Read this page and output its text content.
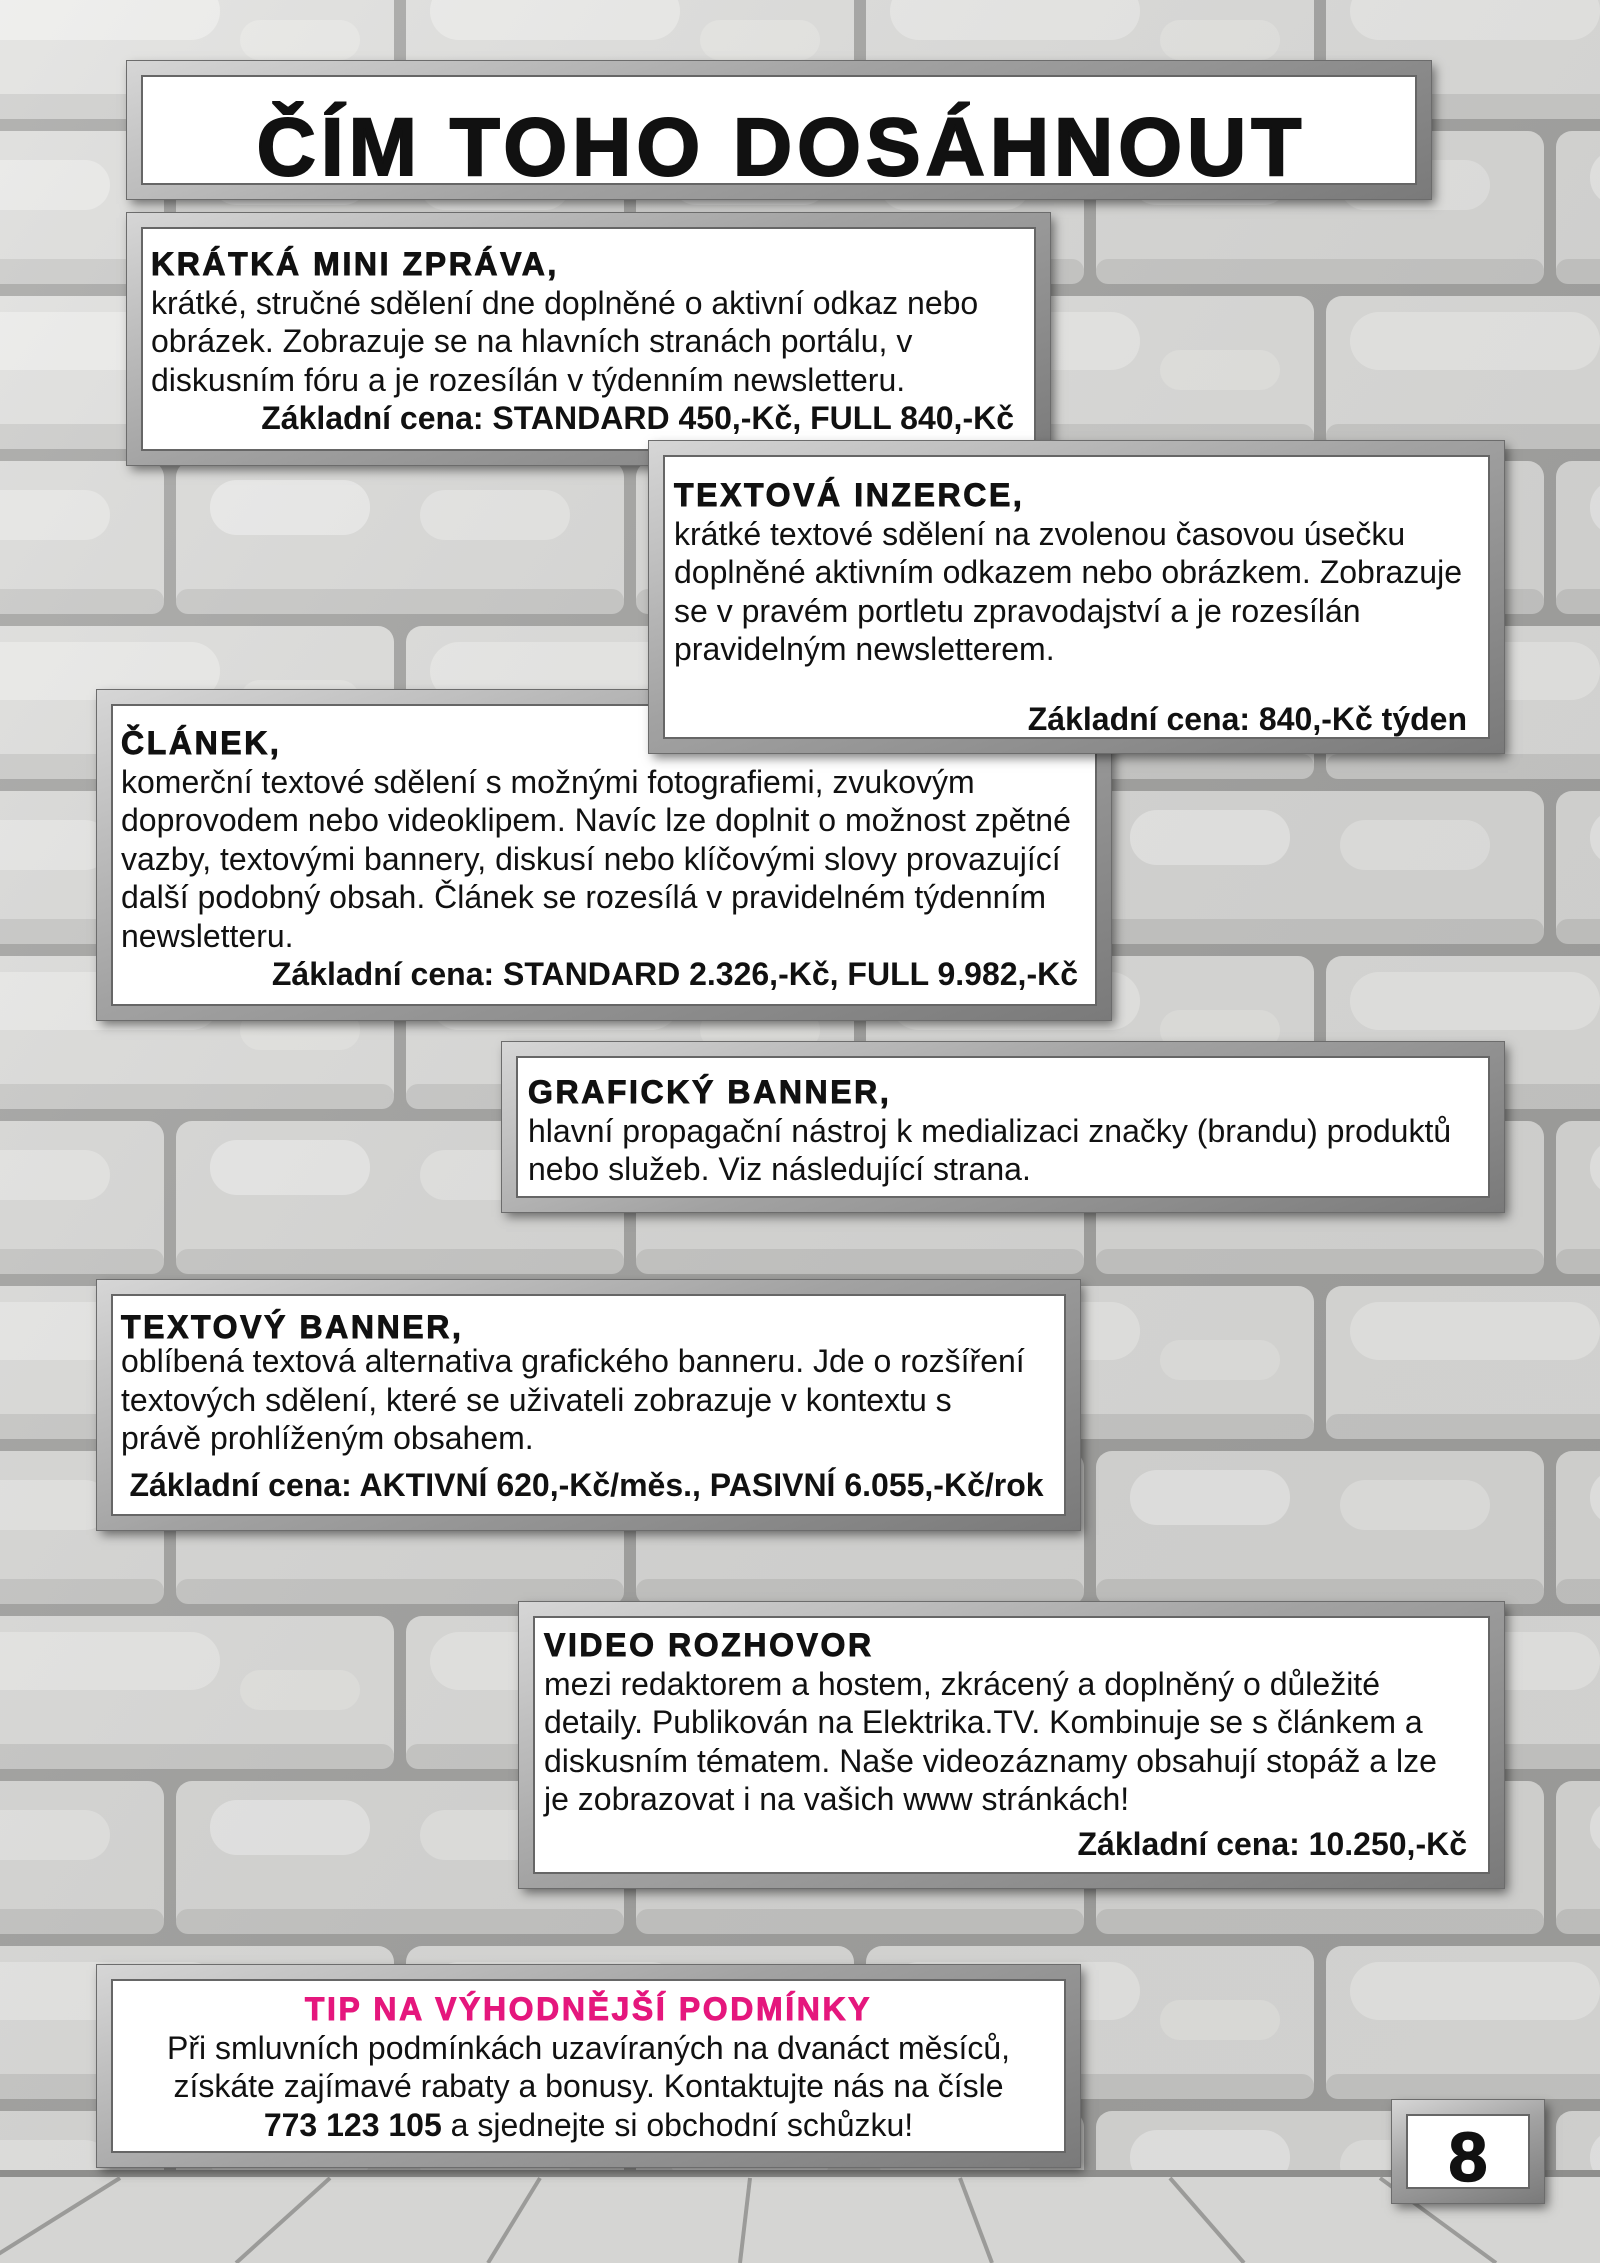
ČÍM TOHO DOSÁHNOUT
KRÁTKÁ MINI ZPRÁVA,
krátké, stručné sdělení dne doplněné o aktivní odkaz nebo
obrázek. Zobrazuje se na hlavních stranách portálu, v
diskusním fóru a je rozesílán v týdenním newsletteru.
Základní cena: STANDARD 450,-Kč, FULL 840,-Kč
TEXTOVÁ INZERCE,
krátké textové sdělení na zvolenou časovou úsečku
doplněné aktivním odkazem nebo obrázkem. Zobrazuje
se v pravém portletu zpravodajství a je rozesílán
pravidelným newsletterem.
Základní cena: 840,-Kč týden
ČLÁNEK,
komerční textové sdělení s možnými fotografiemi, zvukovým
doprovodem nebo videoklipem. Navíc lze doplnit o možnost zpětné
vazby, textovými bannery, diskusí nebo klíčovými slovy provazující
další podobný obsah. Článek se rozesílá v pravidelném týdenním
newsletteru.
Základní cena: STANDARD 2.326,-Kč, FULL 9.982,-Kč
GRAFICKÝ BANNER,
hlavní propagační nástroj k medializaci značky (brandu) produktů
nebo služeb. Viz následující strana.
TEXTOVÝ BANNER,
oblíbená textová alternativa grafického banneru. Jde o rozšíření
textových sdělení, které se uživateli zobrazuje v kontextu s
právě prohlíženým obsahem.
Základní cena: AKTIVNÍ 620,-Kč/měs., PASIVNÍ 6.055,-Kč/rok
VIDEO ROZHOVOR
mezi redaktorem a hostem, zkrácený a doplněný o důležité
detaily. Publikován na Elektrika.TV. Kombinuje se s článkem a
diskusním tématem. Naše videozáznamy obsahují stopáž a lze
je zobrazovat i na vašich www stránkách!
Základní cena: 10.250,-Kč
TIP NA VÝHODNĚJŠÍ PODMÍNKY
Při smluvních podmínkách uzavíraných na dvanáct měsíců,
získáte zajímavé rabaty a bonusy. Kontaktujte nás na čísle
773 123 105 a sjednejte si obchodní schůzku!	8
